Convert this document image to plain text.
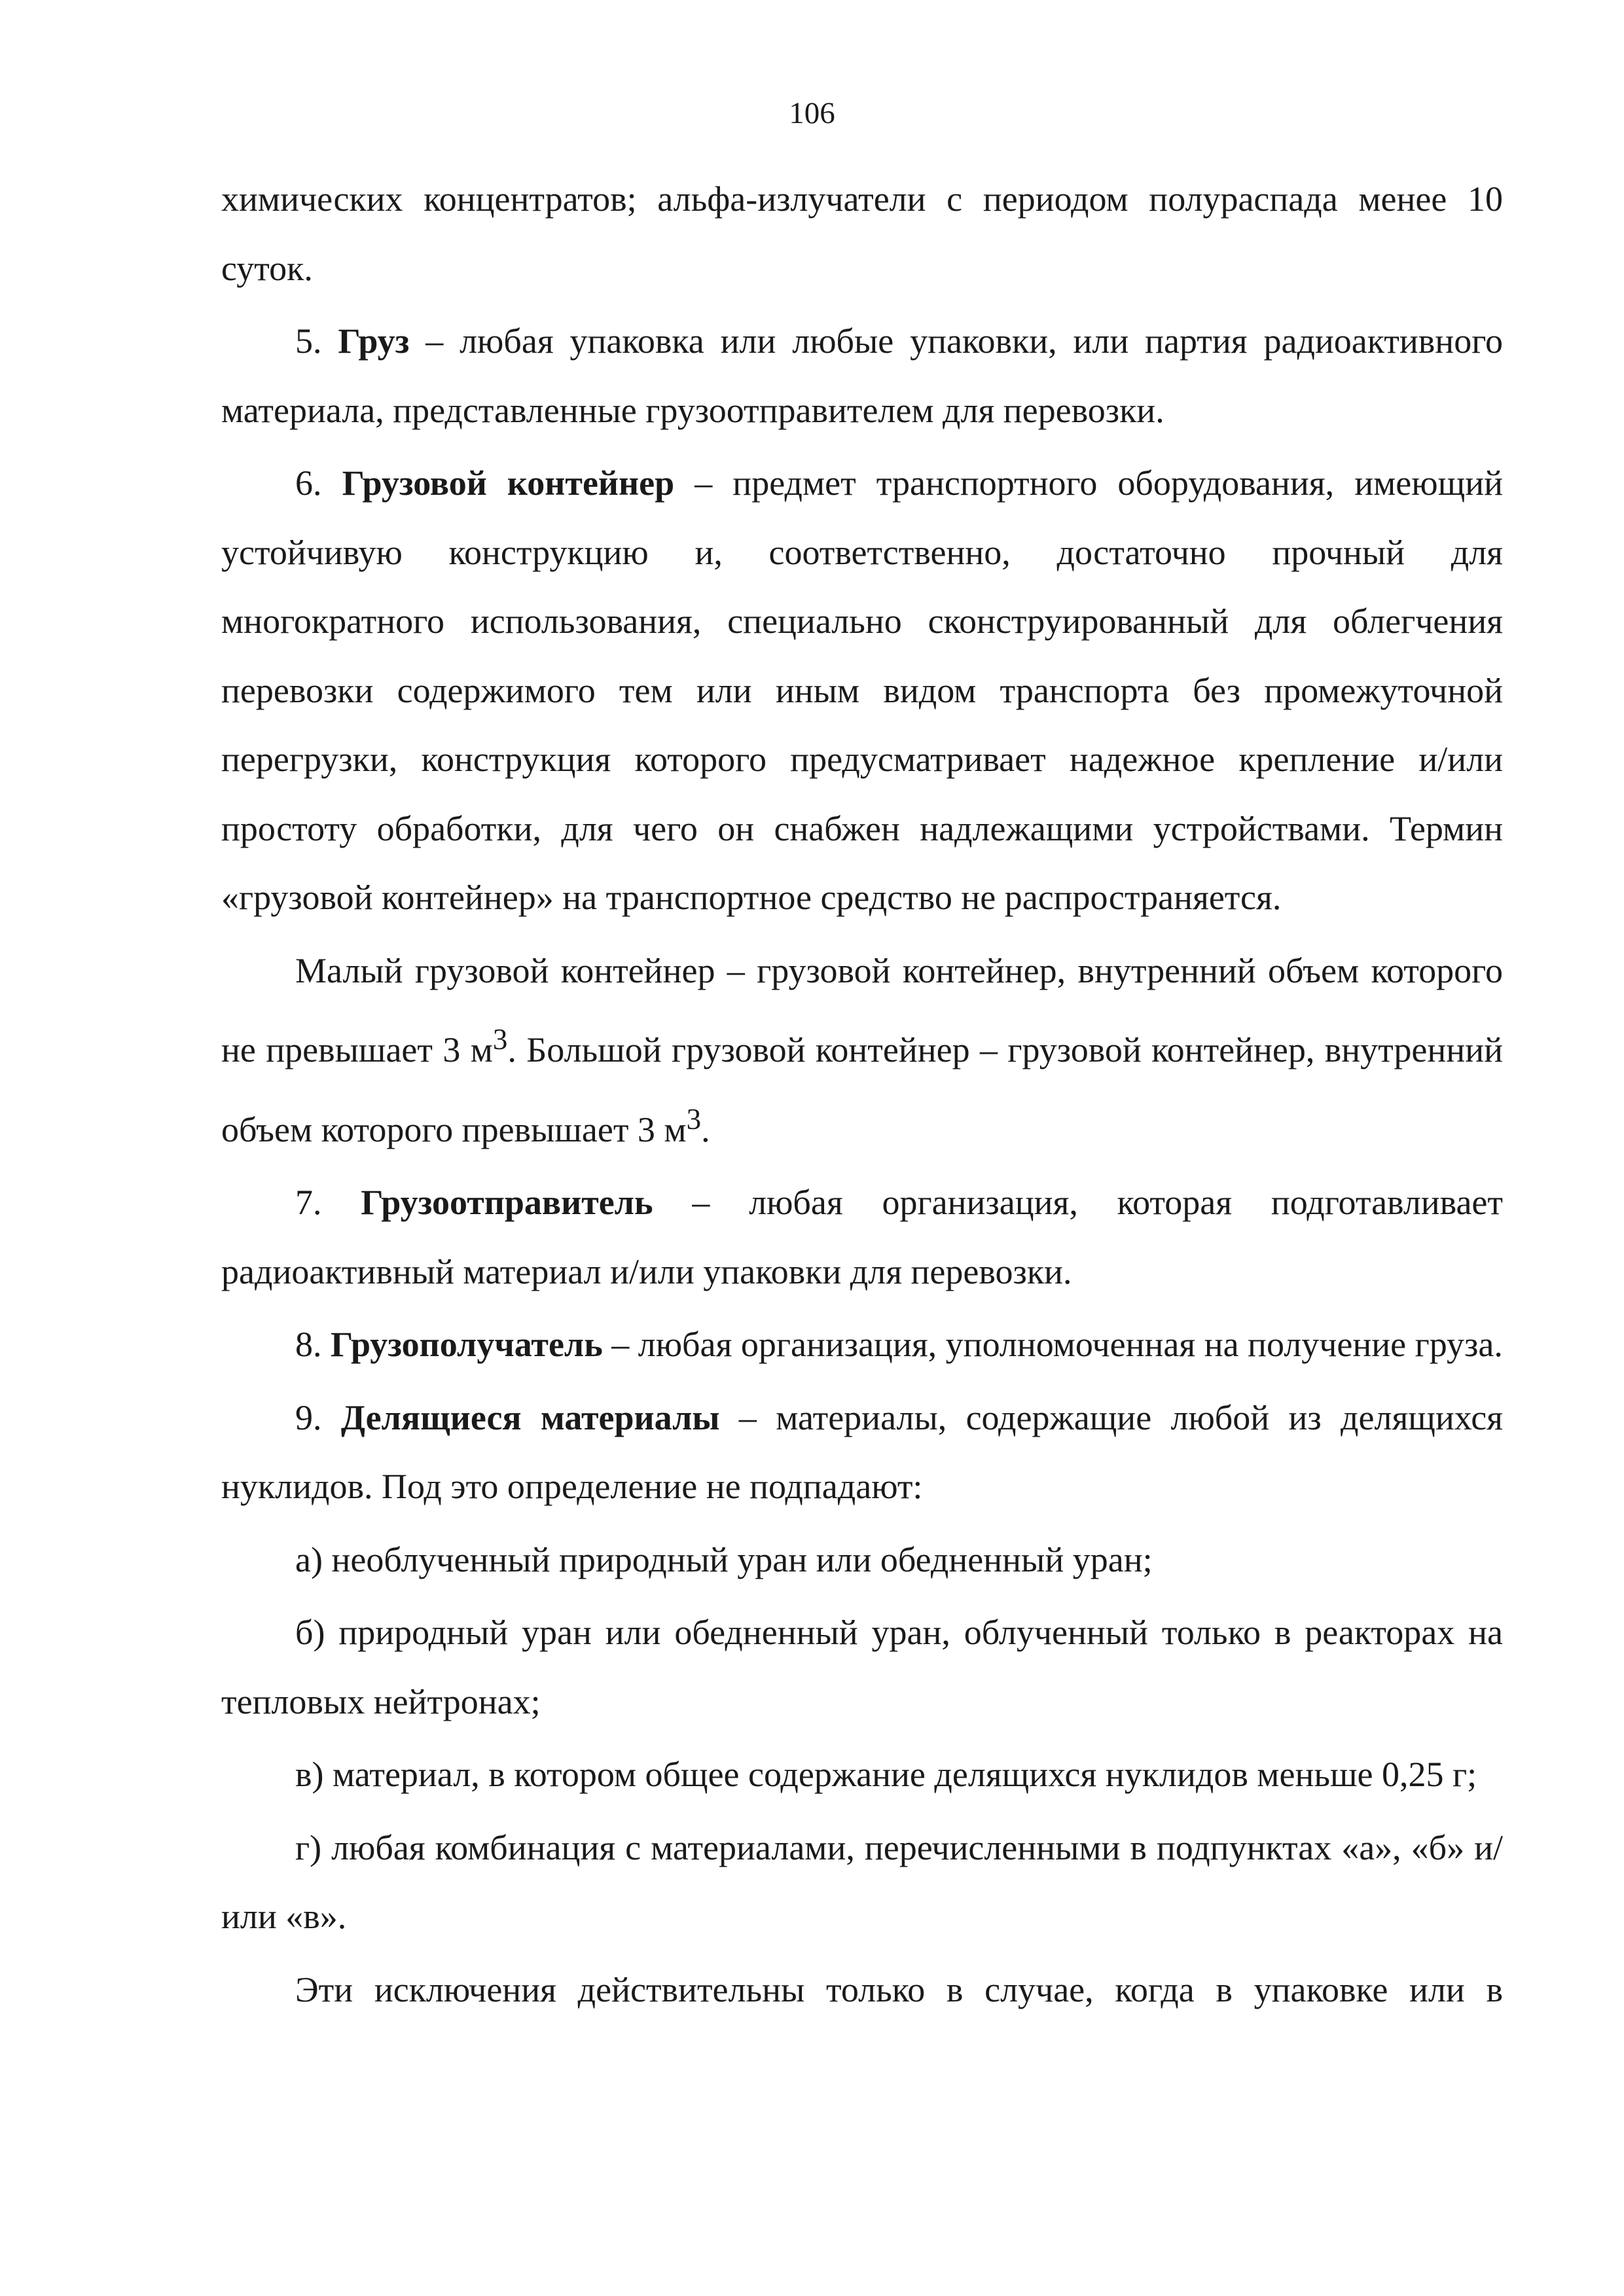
106

химических концентратов; альфа-излучатели с периодом полураспада менее 10 суток.

5. Груз – любая упаковка или любые упаковки, или партия радиоактивного материала, представленные грузоотправителем для перевозки.

6. Грузовой контейнер – предмет транспортного оборудования, имеющий устойчивую конструкцию и, соответственно, достаточно прочный для многократного использования, специально сконструированный для облегчения перевозки содержимого тем или иным видом транспорта без промежуточной перегрузки, конструкция которого предусматривает надежное крепление и/или простоту обработки, для чего он снабжен надлежащими устройствами. Термин «грузовой контейнер» на транспортное средство не распространяется.

Малый грузовой контейнер – грузовой контейнер, внутренний объем которого не превышает 3 $м^3$. Большой грузовой контейнер – грузовой контейнер, внутренний объем которого превышает 3 $м^3$.

7. Грузоотправитель – любая организация, которая подготавливает радиоактивный материал и/или упаковки для перевозки.

8. Грузополучатель – любая организация, уполномоченная на получение груза.

9. Делящиеся материалы – материалы, содержащие любой из делящихся нуклидов. Под это определение не подпадают:

а) необлученный природный уран или обедненный уран;

б) природный уран или обедненный уран, облученный только в реакторах на тепловых нейтронах;

в) материал, в котором общее содержание делящихся нуклидов меньше 0,25 г;

г) любая комбинация с материалами, перечисленными в подпунктах «а», «б» и/или «в».

Эти исключения действительны только в случае, когда в упаковке или в
